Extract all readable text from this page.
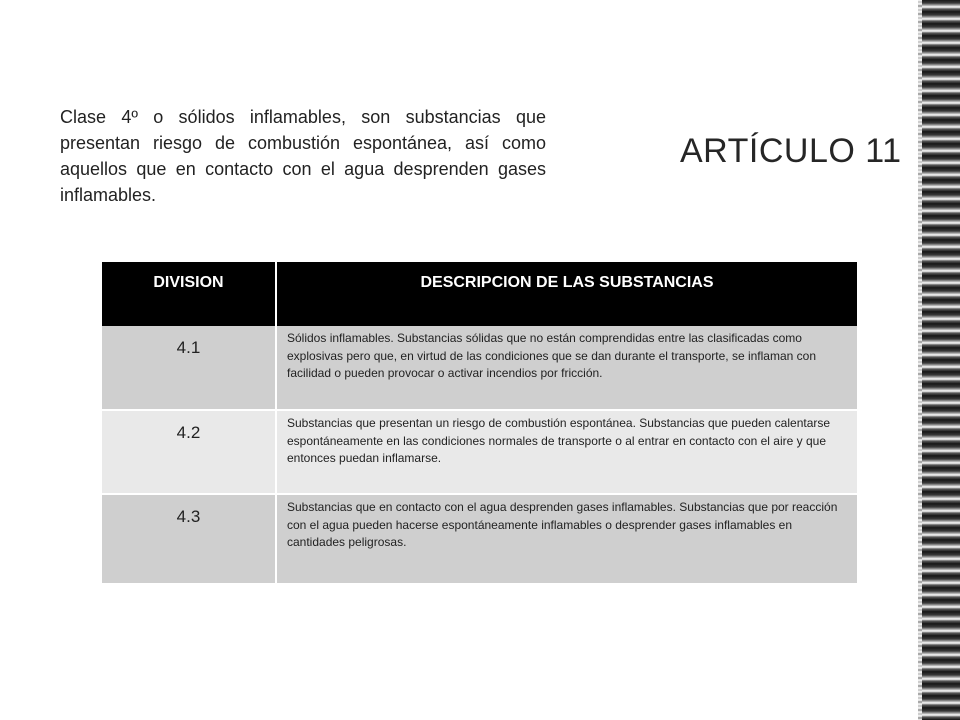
Clase 4º o sólidos inflamables, son substancias que presentan riesgo de combustión espontánea, así como aquellos que en contacto con el agua desprenden gases inflamables.

ARTÍCULO 11
DIVISION	DESCRIPCION DE LAS SUBSTANCIAS
4.1	Sólidos inflamables. Substancias sólidas que no están comprendidas entre las clasificadas como explosivas pero que, en virtud de las condiciones que se dan durante el transporte, se inflaman con facilidad o pueden provocar o activar incendios por fricción.
4.2	Substancias que presentan un riesgo de combustión espontánea. Substancias que pueden calentarse espontáneamente en las condiciones normales de transporte o al entrar en contacto con el aire y que entonces puedan inflamarse.
4.3	Substancias que en contacto con el agua desprenden gases inflamables. Substancias que por reacción con el agua pueden hacerse espontáneamente inflamables o desprender gases inflamables en cantidades peligrosas.
